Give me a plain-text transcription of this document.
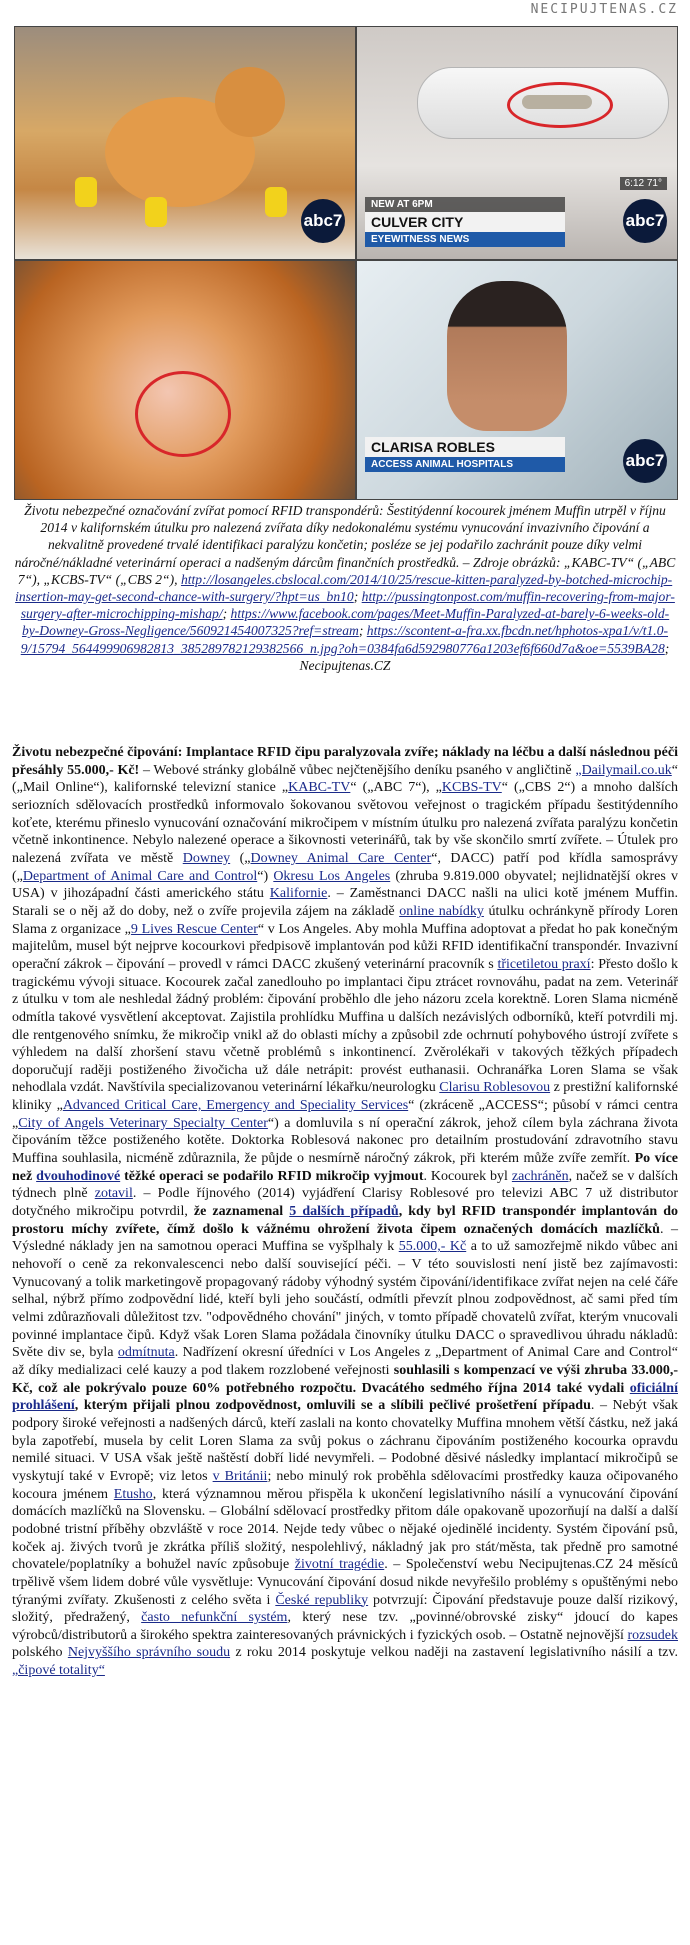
NECIPUJTENAS.CZ
abc7
6:12 71°
NEW AT 6PM
CULVER CITY
EYEWITNESS NEWS
abc7
CLARISA ROBLES
ACCESS ANIMAL HOSPITALS	abc7
Životu nebezpečné označování zvířat pomocí RFID transpondérů: Šestitýdenní kocourek jménem Muffin utrpěl v říjnu 2014 v kalifornském útulku pro nalezená zvířata díky nedokonalému systému vynucování invazivního čipování a nekvalitně provedené trvalé identifikaci paralýzu končetin; posléze se jej podařilo zachránit pouze díky velmi náročné/nákladné veterinární operaci a nadšeným dárcům finančních prostředků. – Zdroje obrázků: „KABC-TV“ („ABC 7“), „KCBS-TV“ („CBS 2“), http://losangeles.cbslocal.com/2014/10/25/rescue-kitten-paralyzed-by-botched-microchip-insertion-may-get-second-chance-with-surgery/?hpt=us_bn10; http://pussingtonpost.com/muffin-recovering-from-major-surgery-after-microchipping-mishap/; https://www.facebook.com/pages/Meet-Muffin-Paralyzed-at-barely-6-weeks-old-by-Downey-Gross-Negligence/560921454007325?ref=stream; https://scontent-a-fra.xx.fbcdn.net/hphotos-xpa1/v/t1.0-9/15794_564499906982813_385289782129382566_n.jpg?oh=0384fa6d592980776a1203ef6f660d7a&oe=5539BA28; Necipujtenas.CZ
Životu nebezpečné čipování: Implantace RFID čipu paralyzovala zvíře; náklady na léčbu a další následnou péči přesáhly 55.000,- Kč! – Webové stránky globálně vůbec nejčtenějšího deníku psaného v angličtině „Dailymail.co.uk“ („Mail Online“), kalifornské televizní stanice „KABC-TV“ („ABC 7“), „KCBS-TV“ („CBS 2“) a mnoho dalších seriozních sdělovacích prostředků informovalo šokovanou světovou veřejnost o tragickém případu šestitýdenního koťete, kterému přineslo vynucování označování mikročipem v místním útulku pro nalezená zvířata paralýzu končetin včetně inkontinence. Nebylo nalezené operace a šikovnosti veterinářů, tak by vše skončilo smrtí zvířete. – Útulek pro nalezená zvířata ve městě Downey („Downey Animal Care Center“, DACC) patří pod křídla samosprávy („Department of Animal Care and Control“) Okresu Los Angeles (zhruba 9.819.000 obyvatel; nejlidnatější okres v USA) v jihozápadní části amerického státu Kalifornie. – Zaměstnanci DACC našli na ulici kotě jménem Muffin. Starali se o něj až do doby, než o zvíře projevila zájem na základě online nabídky útulku ochránkyně přírody Loren Slama z organizace „9 Lives Rescue Center“ v Los Angeles. Aby mohla Muffina adoptovat a předat ho pak konečným majitelům, musel být nejprve kocourkovi předpisově implantován pod kůži RFID identifikační transpondér. Invazivní operační zákrok – čipování – provedl v rámci DACC zkušený veterinární pracovník s třicetiletou praxí: Přesto došlo k tragickému vývoji situace. Kocourek začal zanedlouho po implantaci čipu ztrácet rovnováhu, padat na zem. Veterinář z útulku v tom ale neshledal žádný problém: čipování proběhlo dle jeho názoru zcela korektně. Loren Slama nicméně odmítla takové vysvětlení akceptovat. Zajistila prohlídku Muffina u dalších nezávislých odborníků, kteří potvrdili mj. dle rentgenového snímku, že mikročip vnikl až do oblasti míchy a způsobil zde ochrnutí pohybového ústrojí zvířete s výhledem na další zhoršení stavu včetně problémů s inkontinencí. Zvěrolékaři v takových těžkých případech doporučují raději postiženého živočicha už dále netrápit: provést euthanasii. Ochranářka Loren Slama se však nehodlala vzdát. Navštívila specializovanou veterinární lékařku/neurologku Clarisu Roblesovou z prestižní kalifornské kliniky „Advanced Critical Care, Emergency and Speciality Services“ (zkráceně „ACCESS“; působí v rámci centra „City of Angels Veterinary Specialty Center“) a domluvila s ní operační zákrok, jehož cílem byla záchrana života čipováním těžce postiženého kotěte. Doktorka Roblesová nakonec pro detailním prostudování zdravotního stavu Muffina souhlasila, nicméně zdůraznila, že půjde o nesmírně náročný zákrok, při kterém může zvíře zemřít. Po více než dvouhodinové těžké operaci se podařilo RFID mikročip vyjmout. Kocourek byl zachráněn, načež se v dalších týdnech plně zotavil. – Podle říjnového (2014) vyjádření Clarisy Roblesové pro televizi ABC 7 už distributor dotyčného mikročipu potvrdil, že zaznamenal 5 dalších případů, kdy byl RFID transpondér implantován do prostoru míchy zvířete, čímž došlo k vážnému ohrožení života čipem označených domácích mazlíčků. – Výsledné náklady jen na samotnou operaci Muffina se vyšplhaly k 55.000,- Kč a to už samozřejmě nikdo vůbec ani nehovoří o ceně za rekonvalescenci nebo další související péči. – V této souvislosti není jistě bez zajímavosti: Vynucovaný a tolik marketingově propagovaný rádoby výhodný systém čipování/identifikace zvířat nejen na celé čáře selhal, nýbrž přímo zodpovědní lidé, kteří byli jeho součástí, odmítli převzít plnou zodpovědnost, ač sami před tím velmi zdůrazňovali důležitost tzv. "odpovědného chování" jiných, v tomto případě chovatelů zvířat, kterým vnucovali povinné implantace čipů. Když však Loren Slama požádala činovníky útulku DACC o spravedlivou úhradu nákladů: Světe div se, byla odmítnuta. Nadřízení okresní úředníci v Los Angeles z „Department of Animal Care and Control“ až díky medializaci celé kauzy a pod tlakem rozzlobené veřejnosti souhlasili s kompenzací ve výši zhruba 33.000,- Kč, což ale pokrývalo pouze 60% potřebného rozpočtu. Dvacátého sedmého října 2014 také vydali oficiální prohlášení, kterým přijali plnou zodpovědnost, omluvili se a slíbili pečlivé prošetření případu. – Nebýt však podpory široké veřejnosti a nadšených dárců, kteří zaslali na konto chovatelky Muffina mnohem větší částku, než jaká byla zapotřebí, musela by celit Loren Slama za svůj pokus o záchranu čipováním postiženého kocourka opravdu nemilé situaci. V USA však ještě naštěstí dobří lidé nevymřeli. – Podobné děsivé následky implantací mikročipů se vyskytují také v Evropě; viz letos v Británii; nebo minulý rok proběhla sdělovacími prostředky kauza očipovaného kocoura jménem Etusho, která významnou měrou přispěla k ukončení legislativního násilí a vynucování čipování domácích mazlíčků na Slovensku. – Globální sdělovací prostředky přitom dále opakovaně upozorňují na další a další podobné tristní příběhy obzvláště v roce 2014. Nejde tedy vůbec o nějaké ojedinělé incidenty. Systém čipování psů, koček aj. živých tvorů je zkrátka příliš složitý, nespolehlivý, nákladný jak pro stát/města, tak předně pro samotné chovatele/poplatníky a bohužel navíc způsobuje životní tragédie. – Společenství webu Necipujtenas.CZ 24 měsíců trpělivě všem lidem dobré vůle vysvětluje: Vynucování čipování dosud nikde nevyřešilo problémy s opuštěnými nebo týranými zvířaty. Zkušenosti z celého světa i České republiky potvrzují: Čipování představuje pouze další rizikový, složitý, předražený, často nefunkční systém, který nese tzv. „povinné/obrovské zisky“ jdoucí do kapes výrobců/distributorů a širokého spektra zainteresovaných právnických i fyzických osob. – Ostatně nejnovější rozsudek polského Nejvyššího správního soudu z roku 2014 poskytuje velkou naději na zastavení legislativního násilí a tzv. „čipové totality“
